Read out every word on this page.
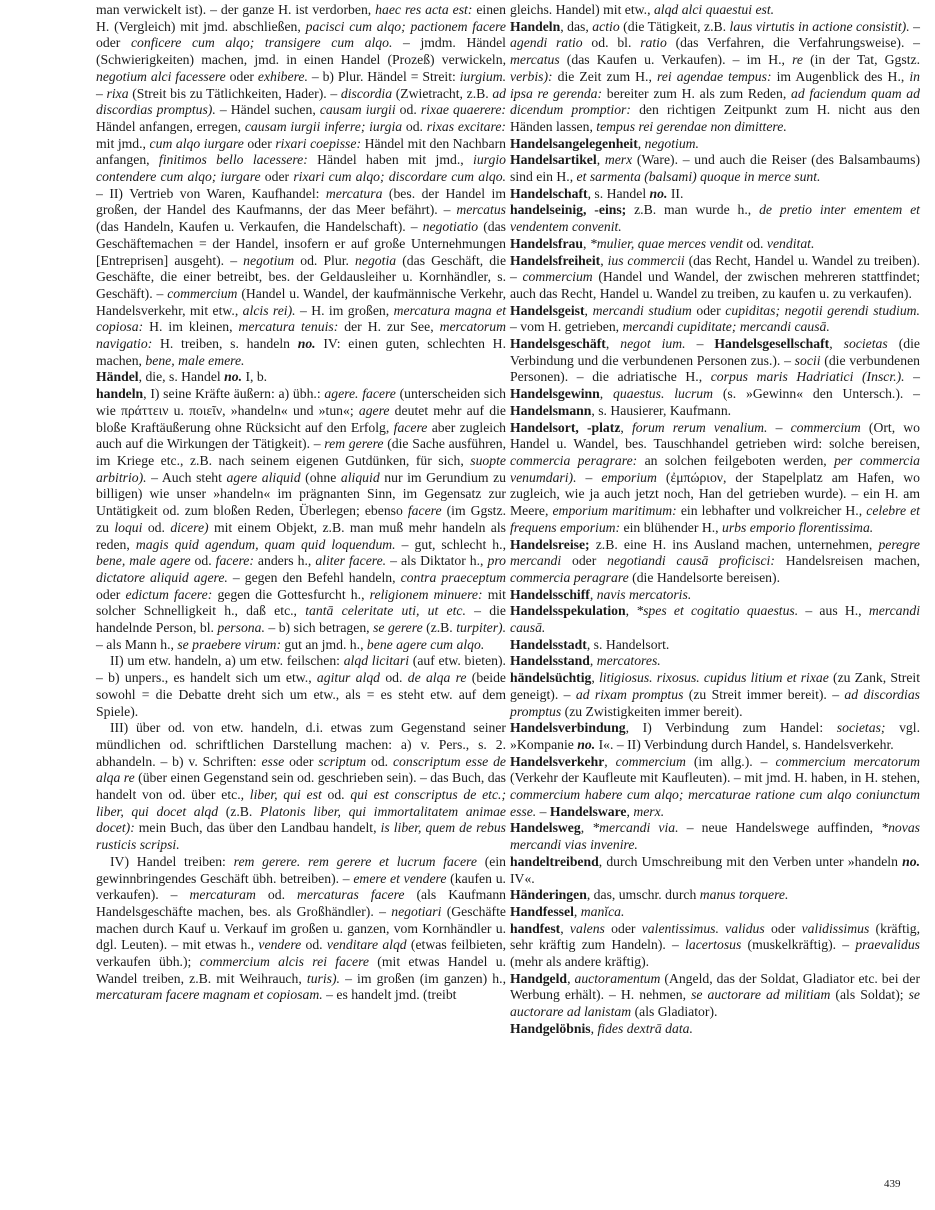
man verwickelt ist). – der ganze H. ist verdorben, haec res acta est: einen H. (Vergleich) mit jmd. abschließen, pacisci cum alqo; pactionem facere oder conficere cum alqo; transigere cum alqo. – jmdm. Händel (Schwierigkeiten) machen, jmd. in einen Handel (Prozeß) verwickeln, negotium alci facessere oder exhibere. – b) Plur. Händel = Streit: iurgium. – rixa (Streit bis zu Tätlichkeiten, Hader). – discordia (Zwietracht, z.B. ad discordias promptus). – Händel suchen, causam iurgii od. rixae quaerere: Händel anfangen, erregen, causam iurgii inferre; iurgia od. rixas excitare: mit jmd., cum alqo iurgare oder rixari coepisse: Händel mit den Nachbarn anfangen, finitimos bello lacessere: Händel haben mit jmd., iurgio contendere cum alqo; iurgare oder rixari cum alqo; discordare cum alqo. – II) Vertrieb von Waren, Kaufhandel: mercatura (bes. der Handel im großen, der Handel des Kaufmanns, der das Meer befährt). – mercatus (das Handeln, Kaufen u. Verkaufen, die Handelschaft). – negotiatio (das Geschäftemachen = der Handel, insofern er auf große Unternehmungen [Entreprisen] ausgeht). – negotium od. Plur. negotia (das Geschäft, die Geschäfte, die einer betreibt, bes. der Geldausleiher u. Kornhändler, s. Geschäft). – commercium (Handel u. Wandel, der kaufmännische Verkehr, Handelsverkehr, mit etw., alcis rei). – H. im großen, mercatura magna et copiosa: H. im kleinen, mercatura tenuis: der H. zur See, mercatorum navigatio: H. treiben, s. handeln no. IV: einen guten, schlechten H. machen, bene, male emere.

Händel, die, s. Handel no. I, b.

handeln, I) seine Kräfte äußern: a) übh.: agere. facere (unterscheiden sich wie πράττειν u. ποιεῖν, »handeln« und »tun«; agere deutet mehr auf die bloße Kraftäußerung ohne Rücksicht auf den Erfolg, facere aber zugleich auch auf die Wirkungen der Tätigkeit). – rem gerere (die Sache ausführen, im Kriege etc., z.B. nach seinem eigenen Gutdünken, für sich, suopte arbitrio). – Auch steht agere aliquid (ohne aliquid nur im Gerundium zu billigen) wie unser »handeln« im prägnanten Sinn, im Gegensatz zur Untätigkeit od. zum bloßen Reden, Überlegen; ebenso facere (im Ggstz. zu loqui od. dicere) mit einem Objekt, z.B. man muß mehr handeln als reden, magis quid agendum, quam quid loquendum. – gut, schlecht h., bene, male agere od. facere: anders h., aliter facere. – als Diktator h., pro dictatore aliquid agere. – gegen den Befehl handeln, contra praeceptum oder edictum facere: gegen die Gottesfurcht h., religionem minuere: mit solcher Schnelligkeit h., daß etc., tantā celeritate uti, ut etc. – die handelnde Person, bl. persona. – b) sich betragen, se gerere (z.B. turpiter). – als Mann h., se praebere virum: gut an jmd. h., bene agere cum alqo.

II) um etw. handeln, a) um etw. feilschen: alqd licitari (auf etw. bieten). – b) unpers., es handelt sich um etw., agitur alqd od. de alqa re (beide sowohl = die Debatte dreht sich um etw., als = es steht etw. auf dem Spiele).

III) über od. von etw. handeln, d.i. etwas zum Gegenstand seiner mündlichen od. schriftlichen Darstellung machen: a) v. Pers., s. 2. abhandeln. – b) v. Schriften: esse oder scriptum od. conscriptum esse de alqa re (über einen Gegenstand sein od. geschrieben sein). – das Buch, das handelt von od. über etc., liber, qui est od. qui est conscriptus de etc.; liber, qui docet alqd (z.B. Platonis liber, qui immortalitatem animae docet): mein Buch, das über den Landbau handelt, is liber, quem de rebus rusticis scripsi.

IV) Handel treiben: rem gerere. rem gerere et lucrum facere (ein gewinnbringendes Geschäft übh. betreiben). – emere et vendere (kaufen u. verkaufen). – mercaturam od. mercaturas facere (als Kaufmann Handelsgeschäfte machen, bes. als Großhändler). – negotiari (Geschäfte machen durch Kauf u. Verkauf im großen u. ganzen, vom Kornhändler u. dgl. Leuten). – mit etwas h., vendere od. venditare alqd (etwas feilbieten, verkaufen übh.); commercium alcis rei facere (mit etwas Handel u. Wandel treiben, z.B. mit Weihrauch, turis). – im großen (im ganzen) h., mercaturam facere magnam et copiosam. – es handelt jmd. (treibt

gleichs. Handel) mit etw., alqd alci quaestui est.

Handeln, das, actio (die Tätigkeit, z.B. laus virtutis in actione consistit). – agendi ratio od. bl. ratio (das Verfahren, die Verfahrungsweise). – mercatus (das Kaufen u. Verkaufen). – im H., re (in der Tat, Ggstz. verbis): die Zeit zum H., rei agendae tempus: im Augenblick des H., in ipsa re gerenda: bereiter zum H. als zum Reden, ad faciendum quam ad dicendum promptior: den richtigen Zeitpunkt zum H. nicht aus den Händen lassen, tempus rei gerendae non dimittere.

Handelsangelegenheit, negotium.

Handelsartikel, merx (Ware). – und auch die Reiser (des Balsambaums) sind ein H., et sarmenta (balsami) quoque in merce sunt.

Handelschaft, s. Handel no. II.

handelseinig, -eins; z.B. man wurde h., de pretio inter ementem et vendentem convenit.

Handelsfrau, *mulier, quae merces vendit od. venditat.

Handelsfreiheit, ius commercii (das Recht, Handel u. Wandel zu treiben). – commercium (Handel und Wandel, der zwischen mehreren stattfindet; auch das Recht, Handel u. Wandel zu treiben, zu kaufen u. zu verkaufen).

Handelsgeist, mercandi studium oder cupiditas; negotii gerendi studium. – vom H. getrieben, mercandi cupiditate; mercandi causā.

Handelsgeschäft, negot ium. – Handelsgesellschaft, societas (die Verbindung und die verbundenen Personen zus.). – socii (die verbundenen Personen). – die adriatische H., corpus maris Hadriatici (Inscr.). – Handelsgewinn, quaestus. lucrum (s. »Gewinn« den Untersch.). – Handelsmann, s. Hausierer, Kaufmann.

Handelsort, -platz, forum rerum venalium. – commercium (Ort, wo Handel u. Wandel, bes. Tauschhandel getrieben wird: solche bereisen, commercia peragrare: an solchen feilgeboten werden, per commercia venumdari). – emporium (ἐμπώριον, der Stapelplatz am Hafen, wo zugleich, wie ja auch jetzt noch, Han del getrieben wurde). – ein H. am Meere, emporium maritimum: ein lebhafter und volkreicher H., celebre et frequens emporium: ein blühender H., urbs emporio florentissima.

Handelsreise; z.B. eine H. ins Ausland machen, unternehmen, peregre mercandi oder negotiandi causā proficisci: Handelsreisen machen, commercia peragrare (die Handelsorte bereisen).

Handelsschiff, navis mercatoris.

Handelsspekulation, *spes et cogitatio quaestus. – aus H., mercandi causā.

Handelsstadt, s. Handelsort.

Handelsstand, mercatores.

händelsüchtig, litigiosus. rixosus. cupidus litium et rixae (zu Zank, Streit geneigt). – ad rixam promptus (zu Streit immer bereit). – ad discordias promptus (zu Zwistigkeiten immer bereit).

Handelsverbindung, I) Verbindung zum Handel: societas; vgl. »Kompanie no. I«. – II) Verbindung durch Handel, s. Handelsverkehr.

Handelsverkehr, commercium (im allg.). – commercium mercatorum (Verkehr der Kaufleute mit Kaufleuten). – mit jmd. H. haben, in H. stehen, commercium habere cum alqo; mercaturae ratione cum alqo coniunctum esse. – Handelsware, merx.

Handelsweg, *mercandi via. – neue Handelswege auffinden, *novas mercandi vias invenire.

handeltreibend, durch Umschreibung mit den Verben unter »handeln no. IV«.

Händeringen, das, umschr. durch manus torquere.

Handfessel, manĭca.

handfest, valens oder valentissimus. validus oder validissimus (kräftig, sehr kräftig zum Handeln). – lacertosus (muskelkräftig). – praevalidus (mehr als andere kräftig).

Handgeld, auctoramentum (Angeld, das der Soldat, Gladiator etc. bei der Werbung erhält). – H. nehmen, se auctorare ad militiam (als Soldat); se auctorare ad lanistam (als Gladiator).

Handgelöbnis, fides dextrā data.

439
